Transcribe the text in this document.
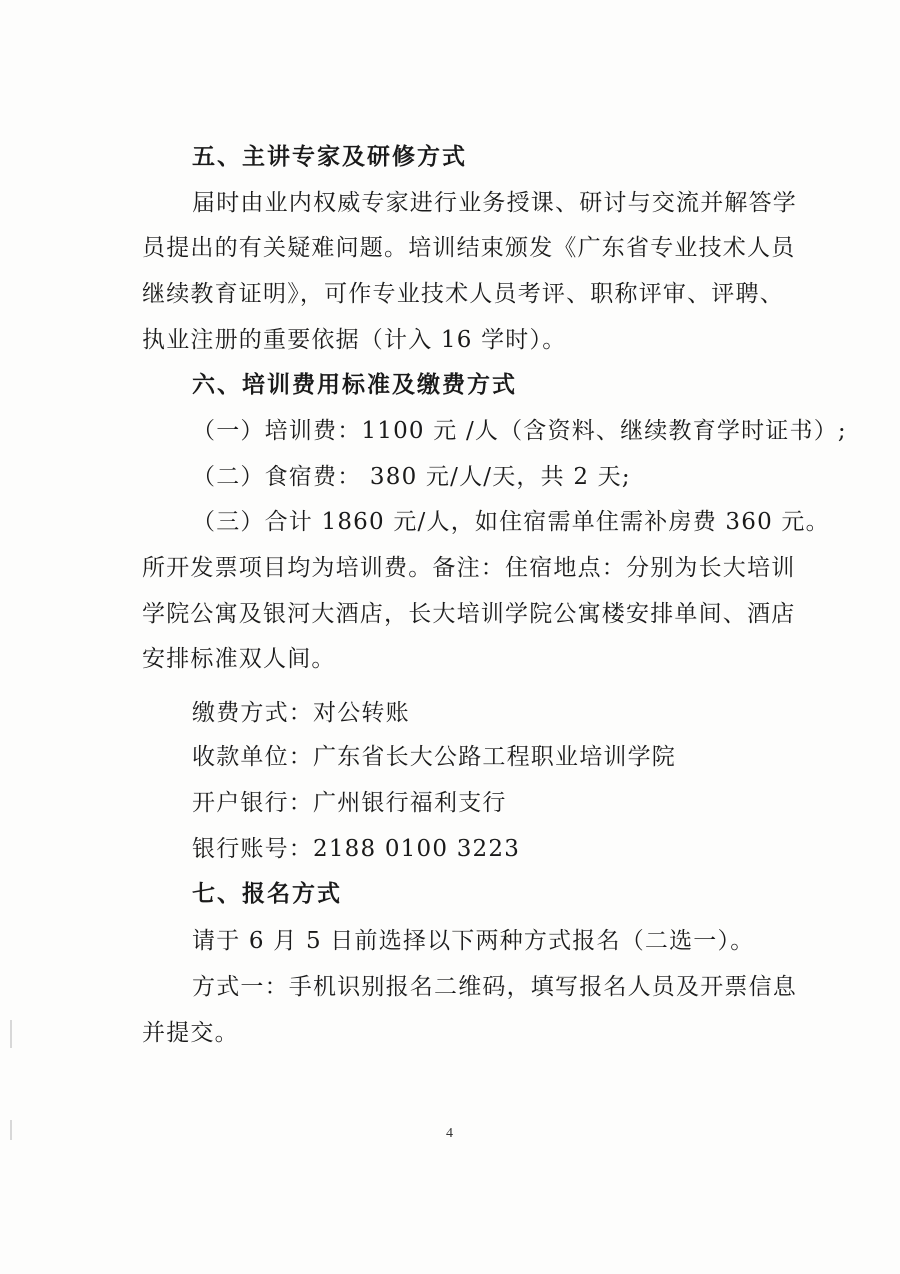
五、主讲专家及研修方式
届时由业内权威专家进行业务授课、研讨与交流并解答学
员提出的有关疑难问题。培训结束颁发《广东省专业技术人员
继续教育证明》，可作专业技术人员考评、职称评审、评聘、
执业注册的重要依据（计入 16 学时）。
六、培训费用标准及缴费方式
（一）培训费：1100 元 /人（含资料、继续教育学时证书）;
（二）食宿费： 380 元/人/天，共 2 天;
（三）合计 1860 元/人，如住宿需单住需补房费 360 元。
所开发票项目均为培训费。备注：住宿地点：分别为长大培训
学院公寓及银河大酒店，长大培训学院公寓楼安排单间、酒店
安排标准双人间。
缴费方式：对公转账
收款单位：广东省长大公路工程职业培训学院
开户银行：广州银行福利支行
银行账号：2188 0100 3223
七、报名方式
请于 6 月 5 日前选择以下两种方式报名（二选一）。
方式一：手机识别报名二维码，填写报名人员及开票信息
并提交。
4
